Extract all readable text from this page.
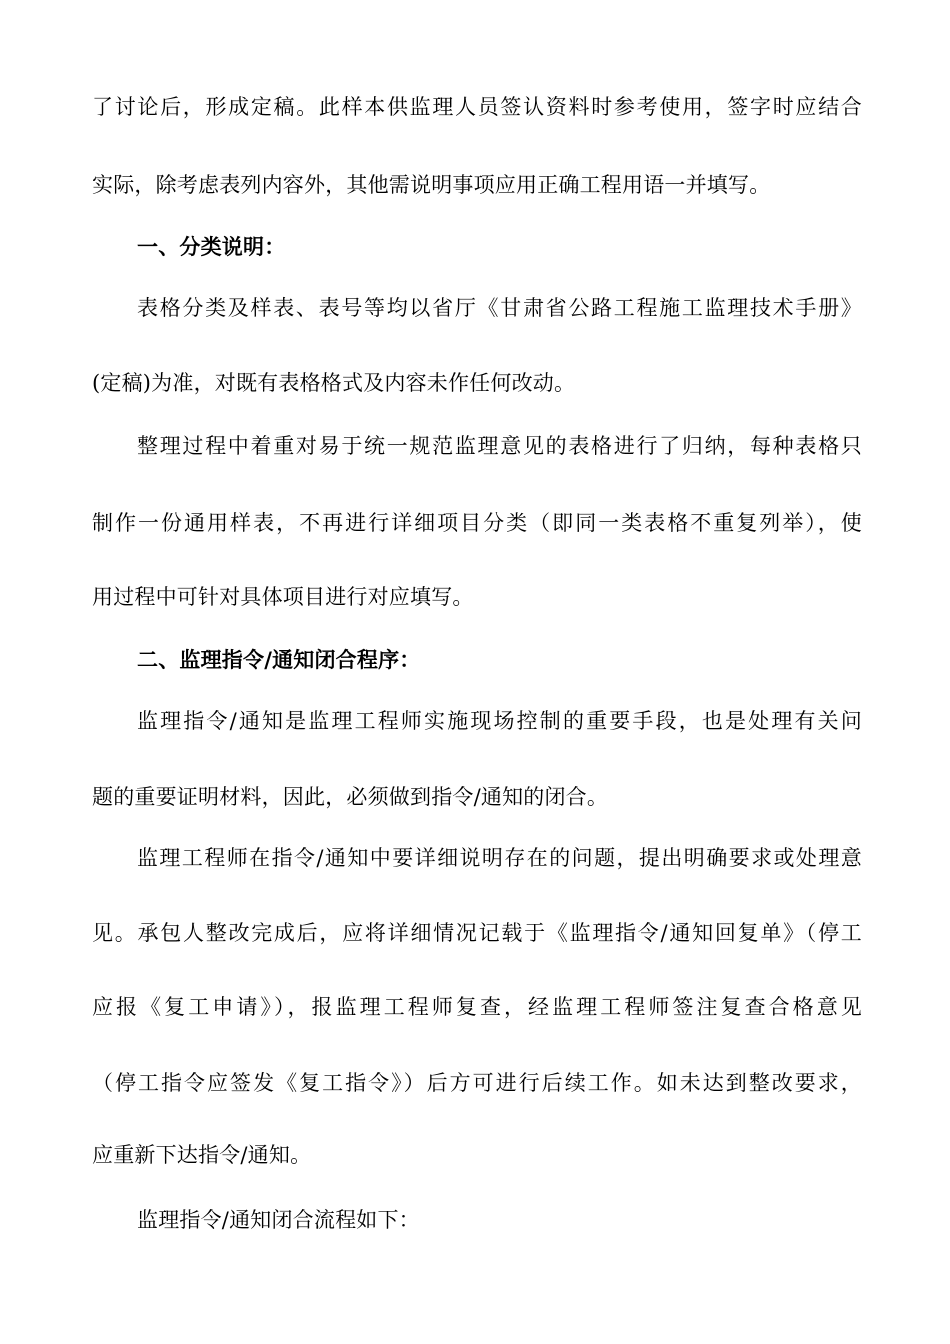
了讨论后，形成定稿。此样本供监理人员签认资料时参考使用，签字时应结合
实际，除考虑表列内容外，其他需说明事项应用正确工程用语一并填写。
一、分类说明：
表格分类及样表、表号等均以省厅《甘肃省公路工程施工监理技术手册》
(定稿)为准，对既有表格格式及内容未作任何改动。
整理过程中着重对易于统一规范监理意见的表格进行了归纳，每种表格只
制作一份通用样表，不再进行详细项目分类（即同一类表格不重复列举），使
用过程中可针对具体项目进行对应填写。
二、监理指令/通知闭合程序：
监理指令/通知是监理工程师实施现场控制的重要手段，也是处理有关问
题的重要证明材料，因此，必须做到指令/通知的闭合。
监理工程师在指令/通知中要详细说明存在的问题，提出明确要求或处理意
见。承包人整改完成后，应将详细情况记载于《监理指令/通知回复单》（停工
应报《复工申请》），报监理工程师复查，经监理工程师签注复查合格意见
（停工指令应签发《复工指令》）后方可进行后续工作。如未达到整改要求，
应重新下达指令/通知。
监理指令/通知闭合流程如下：
